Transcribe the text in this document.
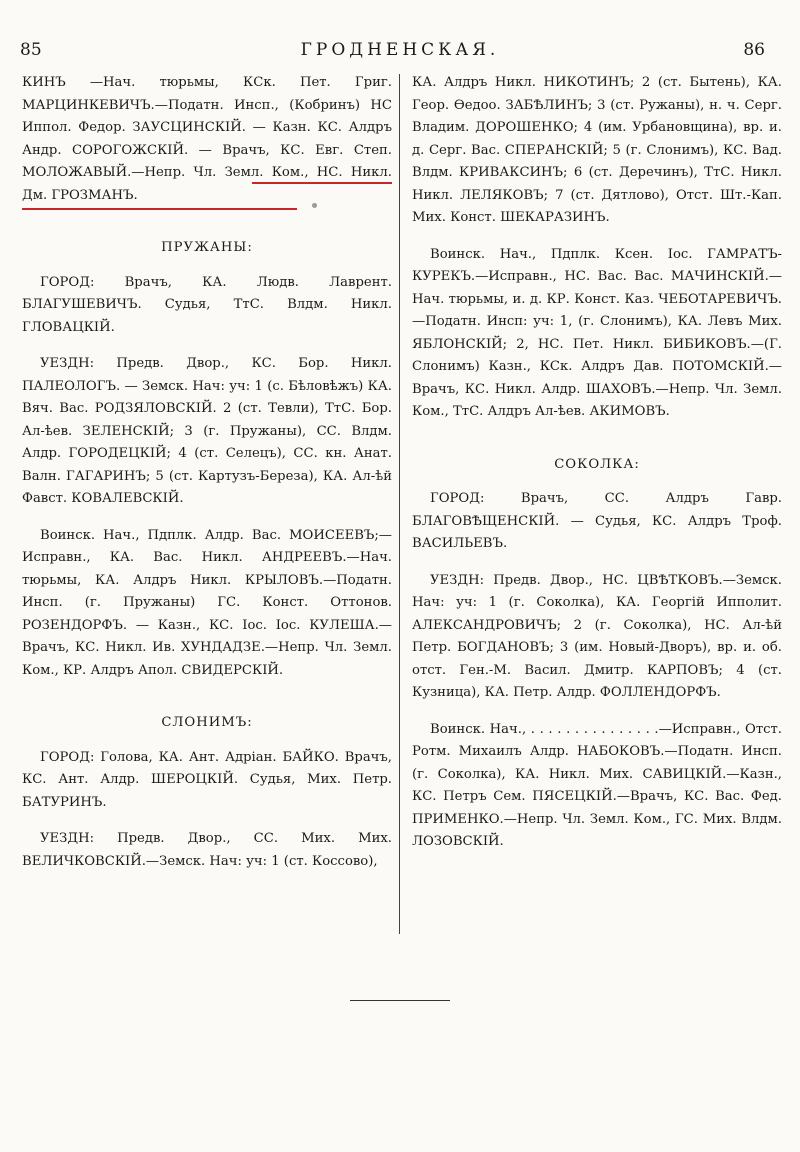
85	ГРОДНЕНСКАЯ.	86

КИНЪ —Нач. тюрьмы, КСк. Пет. Григ. МАРЦИНКЕВИЧЪ.—Податн. Инсп., (Кобринъ) НС Иппол. Федор. ЗАУСЦИНСКІЙ. — Казн. КС. Алдръ Андр. СОРОГОЖСКІЙ. — Врачъ, КС. Евг. Степ. МОЛОЖАВЫЙ.—Непр. Чл. Земл. Ком., НС. Никл. Дм. ГРОЗМАНЪ.

ПРУЖАНЫ:

ГОРОД: Врачъ, КА. Людв. Лаврент. БЛАГУШЕВИЧЪ. Судья, ТтС. Влдм. Никл. ГЛОВАЦКІЙ.

УЕЗДН: Предв. Двор., КС. Бор. Никл. ПАЛЕОЛОГЪ. — Земск. Нач: уч: 1 (с. Бѣловѣжъ) КА. Вяч. Вас. РОДЗЯЛОВСКІЙ. 2 (ст. Тевли), ТтС. Бор. Ал-ѣев. ЗЕЛЕНСКІЙ; 3 (г. Пружаны), СС. Влдм. Алдр. ГОРОДЕЦКІЙ; 4 (ст. Селецъ), СС. кн. Анат. Валн. ГАГАРИНЪ; 5 (ст. Картузъ-Береза), КА. Ал-ѣй Фавст. КОВАЛЕВСКІЙ.

Воинск. Нач., Пдплк. Алдр. Вас. МОИСЕЕВЪ;—Исправн., КА. Вас. Никл. АНДРЕЕВЪ.—Нач. тюрьмы, КА. Алдръ Никл. КРЫЛОВЪ.—Податн. Инсп. (г. Пружаны) ГС. Конст. Оттонов. РОЗЕНДОРФЪ. — Казн., КС. Іос. Іос. КУЛЕША.—Врачъ, КС. Никл. Ив. ХУНДАДЗЕ.—Непр. Чл. Земл. Ком., КР. Алдръ Апол. СВИДЕРСКІЙ.

СЛОНИМЪ:

ГОРОД: Голова, КА. Ант. Адріан. БАЙКО. Врачъ, КС. Ант. Алдр. ШЕРОЦКІЙ. Судья, Мих. Петр. БАТУРИНЪ.

УЕЗДН: Предв. Двор., СС. Мих. Мих. ВЕЛИЧКОВСКІЙ.—Земск. Нач: уч: 1 (ст. Коссово),

КА. Алдръ Никл. НИКОТИНЪ; 2 (ст. Бытень), КА. Геор. Ѳедоо. ЗАБѢЛИНЪ; 3 (ст. Ружаны), н. ч. Серг. Владим. ДОРОШЕНКО; 4 (им. Урбановщина), вр. и. д. Серг. Вас. СПЕРАНСКІЙ; 5 (г. Слонимъ), КС. Вад. Влдм. КРИВАКСИНЪ; 6 (ст. Деречинъ), ТтС. Никл. Никл. ЛЕЛЯКОВЪ; 7 (ст. Дятлово), Отст. Шт.-Кап. Мих. Конст. ШЕКАРАЗИНЪ.

Воинск. Нач., Пдплк. Ксен. Іос. ГАМРАТЪ-КУРЕКЪ.—Исправн., НС. Вас. Вас. МАЧИНСКІЙ.—Нач. тюрьмы, и. д. КР. Конст. Каз. ЧЕБОТАРЕВИЧЪ.—Податн. Инсп: уч: 1, (г. Слонимъ), КА. Левъ Мих. ЯБЛОНСКІЙ; 2, НС. Пет. Никл. БИБИКОВЪ.—(Г. Слонимъ) Казн., КСк. Алдръ Дав. ПОТОМСКІЙ.—Врачъ, КС. Никл. Алдр. ШАХОВЪ.—Непр. Чл. Земл. Ком., ТтС. Алдръ Ал-ѣев. АКИМОВЪ.

СОКОЛКА:

ГОРОД: Врачъ, СС. Алдръ Гавр. БЛАГОВѢЩЕНСКІЙ. — Судья, КС. Алдръ Троф. ВАСИЛЬЕВЪ.

УЕЗДН: Предв. Двор., НС. ЦВѢТКОВЪ.—Земск. Нач: уч: 1 (г. Соколка), КА. Георгій Ипполит. АЛЕКСАНДРОВИЧЪ; 2 (г. Соколка), НС. Ал-ѣй Петр. БОГДАНОВЪ; 3 (им. Новый-Дворъ), вр. и. об. отст. Ген.-М. Васил. Дмитр. КАРПОВЪ; 4 (ст. Кузница), КА. Петр. Алдр. ФОЛЛЕНДОРФЪ.

Воинск. Нач., . . . . . . . . . . . . . . .—Исправн., Отст. Ротм. Михаилъ Алдр. НАБОКОВЪ.—Податн. Инсп. (г. Соколка), КА. Никл. Мих. САВИЦКІЙ.—Казн., КС. Петръ Сем. ПЯСЕЦКІЙ.—Врачъ, КС. Вас. Фед. ПРИМЕНКО.—Непр. Чл. Земл. Ком., ГС. Мих. Влдм. ЛОЗОВСКІЙ.
